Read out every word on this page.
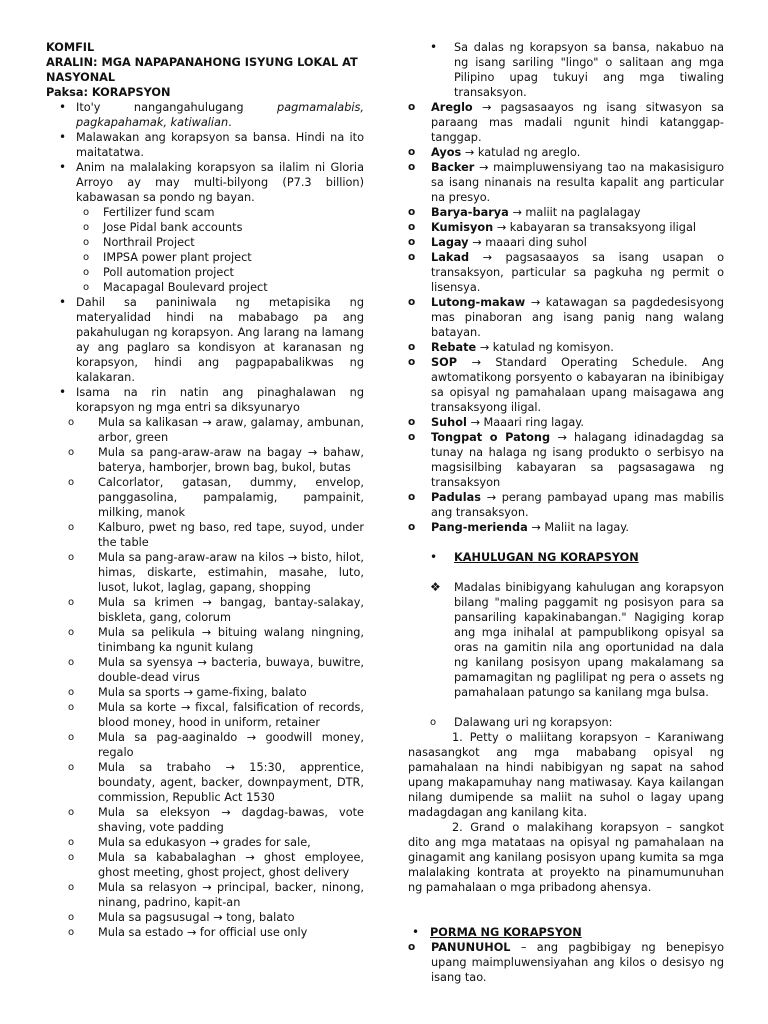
KOMFIL
ARALIN: MGA NAPAPANAHONG ISYUNG LOKAL AT NASYONAL
Paksa: KORAPSYON
• Ito'y nangangahulugang pagmamalabis, pagkapahamak, katiwalian.
• Malawakan ang korapsyon sa bansa. Hindi na ito maitatatwa.
• Anim na malalaking korapsyon sa ilalim ni Gloria Arroyo ay may multi-bilyong (P7.3 billion) kabawasan sa pondo ng bayan.
o Fertilizer fund scam
o Jose Pidal bank accounts
o Northrail Project
o IMPSA power plant project
o Poll automation project
o Macapagal Boulevard project
• Dahil sa paniniwala ng metapisika ng materyalidad hindi na mababago pa ang pakahulugan ng korapsyon. Ang larang na lamang ay ang paglaro sa kondisyon at karanasan ng korapsyon, hindi ang pagpapabalikwas ng kalakaran.
• Isama na rin natin ang pinaghalawan ng korapsyon ng mga entri sa diksyunaryo
o Mula sa kalikasan → araw, galamay, ambunan, arbor, green
o Mula sa pang-araw-araw na bagay → bahaw, baterya, hamborjer, brown bag, bukol, butas
o Calcorlator, gatasan, dummy, envelop, panggasolina, pampalamig, pampainit, milking, manok
o Kalburo, pwet ng baso, red tape, suyod, under the table
o Mula sa pang-araw-araw na kilos → bisto, hilot, himas, diskarte, estimahin, masahe, luto, lusot, lukot, laglag, gapang, shopping
o Mula sa krimen → bangag, bantay-salakay, biskleta, gang, colorum
o Mula sa pelikula → bituing walang ningning, tinimbang ka ngunit kulang
o Mula sa syensya → bacteria, buwaya, buwitre, double-dead virus
o Mula sa sports → game-fixing, balato
o Mula sa korte → fixcal, falsification of records, blood money, hood in uniform, retainer
o Mula sa pag-aaginaldo → goodwill money, regalo
o Mula sa trabaho → 15:30, apprentice, boundaty, agent, backer, downpayment, DTR, commission, Republic Act 1530
o Mula sa eleksyon → dagdag-bawas, vote shaving, vote padding
o Mula sa edukasyon → grades for sale,
o Mula sa kababalaghan → ghost employee, ghost meeting, ghost project, ghost delivery
o Mula sa relasyon → principal, backer, ninong, ninang, padrino, kapit-an
o Mula sa pagsusugal → tong, balato
o Mula sa estado → for official use only
• Sa dalas ng korapsyon sa bansa, nakabuo na ng isang sariling "lingo" o salitaan ang mga Pilipino upag tukuyi ang mga tiwaling transaksyon.
o Areglo → pagsasaayos ng isang sitwasyon sa paraang mas madali ngunit hindi katanggap-tanggap.
o Ayos → katulad ng areglo.
o Backer → maimpluwensiyang tao na makasisiguro sa isang ninanais na resulta kapalit ang particular na presyo.
o Barya-barya → maliit na paglalagay
o Kumisyon → kabayaran sa transaksyong iligal
o Lagay → maaari ding suhol
o Lakad → pagsasaayos sa isang usapan o transaksyon, particular sa pagkuha ng permit o lisensya.
o Lutong-makaw → katawagan sa pagdedesisyong mas pinaboran ang isang panig nang walang batayan.
o Rebate → katulad ng komisyon.
o SOP → Standard Operating Schedule. Ang awtomatikong porsyento o kabayaran na ibinibigay sa opisyal ng pamahalaan upang maisagawa ang transaksyong iligal.
o Suhol → Maaari ring lagay.
o Tongpat o Patong → halagang idinadagdag sa tunay na halaga ng isang produkto o serbisyo na magsisilbing kabayaran sa pagsasagawa ng transaksyon
o Padulas → perang pambayad upang mas mabilis ang transaksyon.
o Pang-merienda → Maliit na lagay.
• KAHULUGAN NG KORAPSYON
❖ Madalas binibigyang kahulugan ang korapsyon bilang "maling paggamit ng posisyon para sa pansariling kapakinabangan." Nagiging korap ang mga inihalal at pampublikong opisyal sa oras na gamitin nila ang oportunidad na dala ng kanilang posisyon upang makalamang sa pamamagitan ng paglilipat ng pera o assets ng pamahalaan patungo sa kanilang mga bulsa.
o Dalawang uri ng korapsyon:
1. Petty o maliitang korapsyon – Karaniwang nasasangkot ang mga mababang opisyal ng pamahalaan na hindi nabibigyan ng sapat na sahod upang makapamuhay nang matiwasay. Kaya kailangan nilang dumipende sa maliit na suhol o lagay upang madagdagan ang kanilang kita.
2. Grand o malakihang korapsyon – sangkot dito ang mga matataas na opisyal ng pamahalaan na ginagamit ang kanilang posisyon upang kumita sa mga malalaking kontrata at proyekto na pinamumunuhan ng pamahalaan o mga pribadong ahensya.
• PORMA NG KORAPSYON
o PANUNUHOL – ang pagbibigay ng benepisyo upang maimpluwensiyahan ang kilos o desisyo ng isang tao.
